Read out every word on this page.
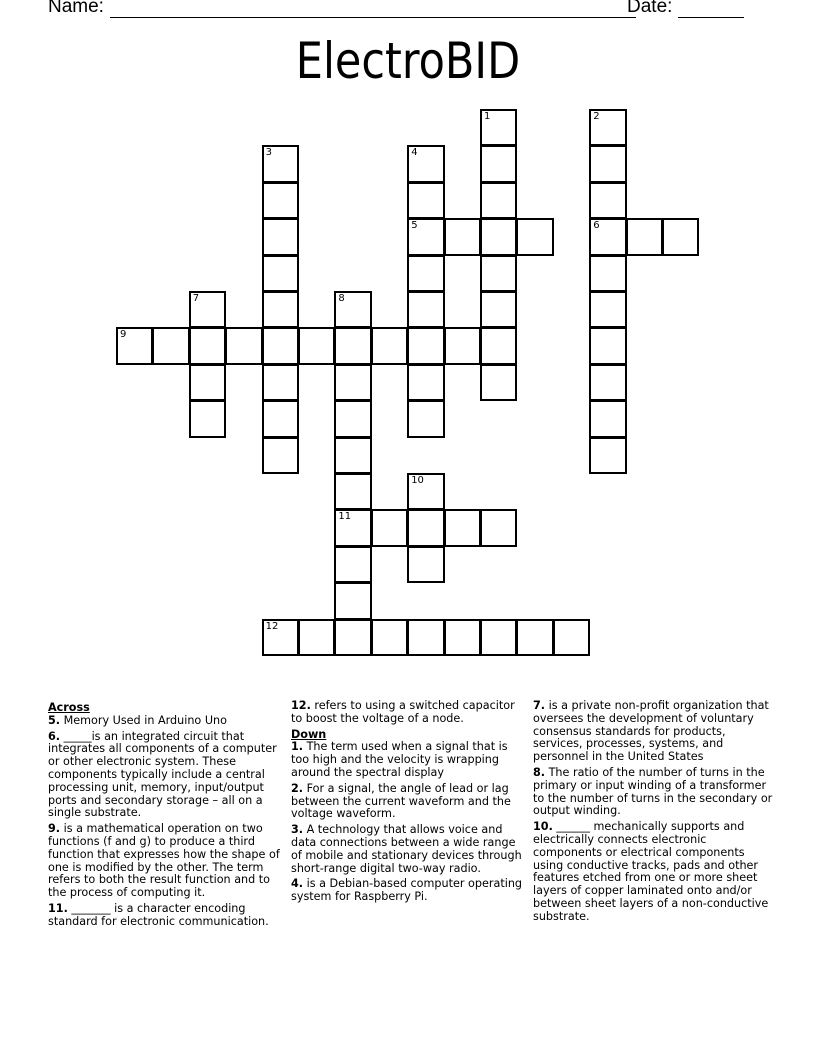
Name:	Date:
ElectroBID
1	2
6
3	4
5
7	8
11
9
10
12
Across
5. Memory Used in Arduino Uno
6. _____is an integrated circuit that integrates all components of a computer or other electronic system. These components typically include a central processing unit, memory, input/output ports and secondary storage – all on a single substrate.
9. is a mathematical operation on two functions (f and g) to produce a third function that expresses how the shape of one is modified by the other. The term refers to both the result function and to the process of computing it.
11. _______ is a character encoding standard for electronic communication.
12. refers to using a switched capacitor to boost the voltage of a node.
Down
1. The term used when a signal that is too high and the velocity is wrapping around the spectral display
2. For a signal, the angle of lead or lag between the current waveform and the voltage waveform.
3. A technology that allows voice and data connections between a wide range of mobile and stationary devices through short-range digital two-way radio.
4. is a Debian-based computer operating system for Raspberry Pi.
7. is a private non-profit organization that oversees the development of voluntary consensus standards for products, services, processes, systems, and personnel in the United States
8. The ratio of the number of turns in the primary or input winding of a transformer to the number of turns in the secondary or output winding.
10. ______ mechanically supports and electrically connects electronic components or electrical components using conductive tracks, pads and other features etched from one or more sheet layers of copper laminated onto and/or between sheet layers of a non-conductive substrate.
